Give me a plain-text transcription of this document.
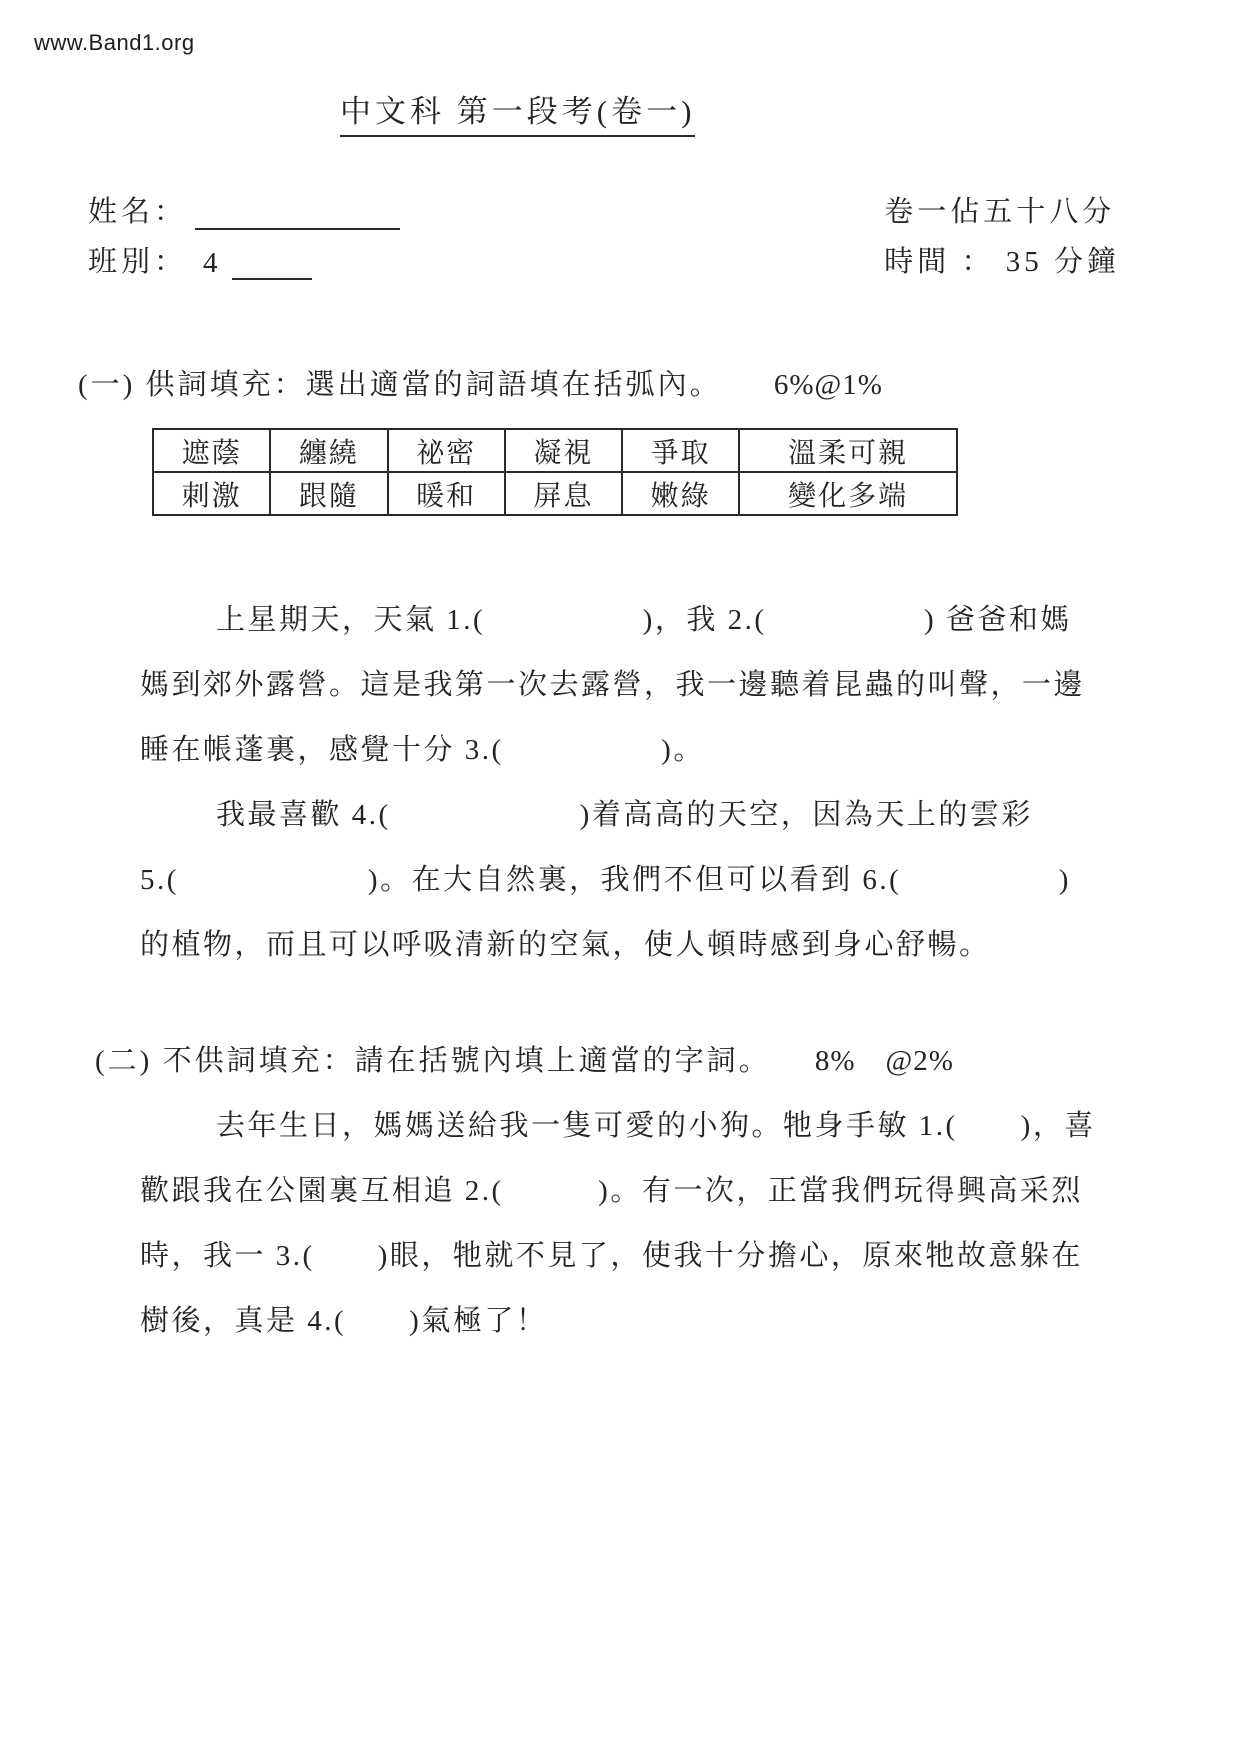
www.Band1.org
中文科 第一段考(卷一)
姓名：
班別： 4
卷一佔五十八分
時間 ： 35 分鐘
(一) 供詞填充：選出適當的詞語填在括弧內。 6%@1%
遮蔭	纏繞	祕密	凝視	爭取	溫柔可親
刺激	跟隨	暖和	屏息	嫩綠	變化多端
上星期天，天氣 1.(　　　　　)，我 2.(　　　　　) 爸爸和媽
媽到郊外露營。這是我第一次去露營，我一邊聽着昆蟲的叫聲，一邊
睡在帳蓬裏，感覺十分 3.(　　　　　)。
我最喜歡 4.(　　　　　　)着高高的天空，因為天上的雲彩
5.(　　　　　　)。在大自然裏，我們不但可以看到 6.(　　　　　)
的植物，而且可以呼吸清新的空氣，使人頓時感到身心舒暢。
(二) 不供詞填充：請在括號內填上適當的字詞。 8%　@2%
去年生日，媽媽送給我一隻可愛的小狗。牠身手敏 1.(　　)，喜
歡跟我在公園裏互相追 2.(　　　)。有一次，正當我們玩得興高采烈
時，我一 3.(　　)眼，牠就不見了，使我十分擔心，原來牠故意躲在
樹後，真是 4.(　　)氣極了！
